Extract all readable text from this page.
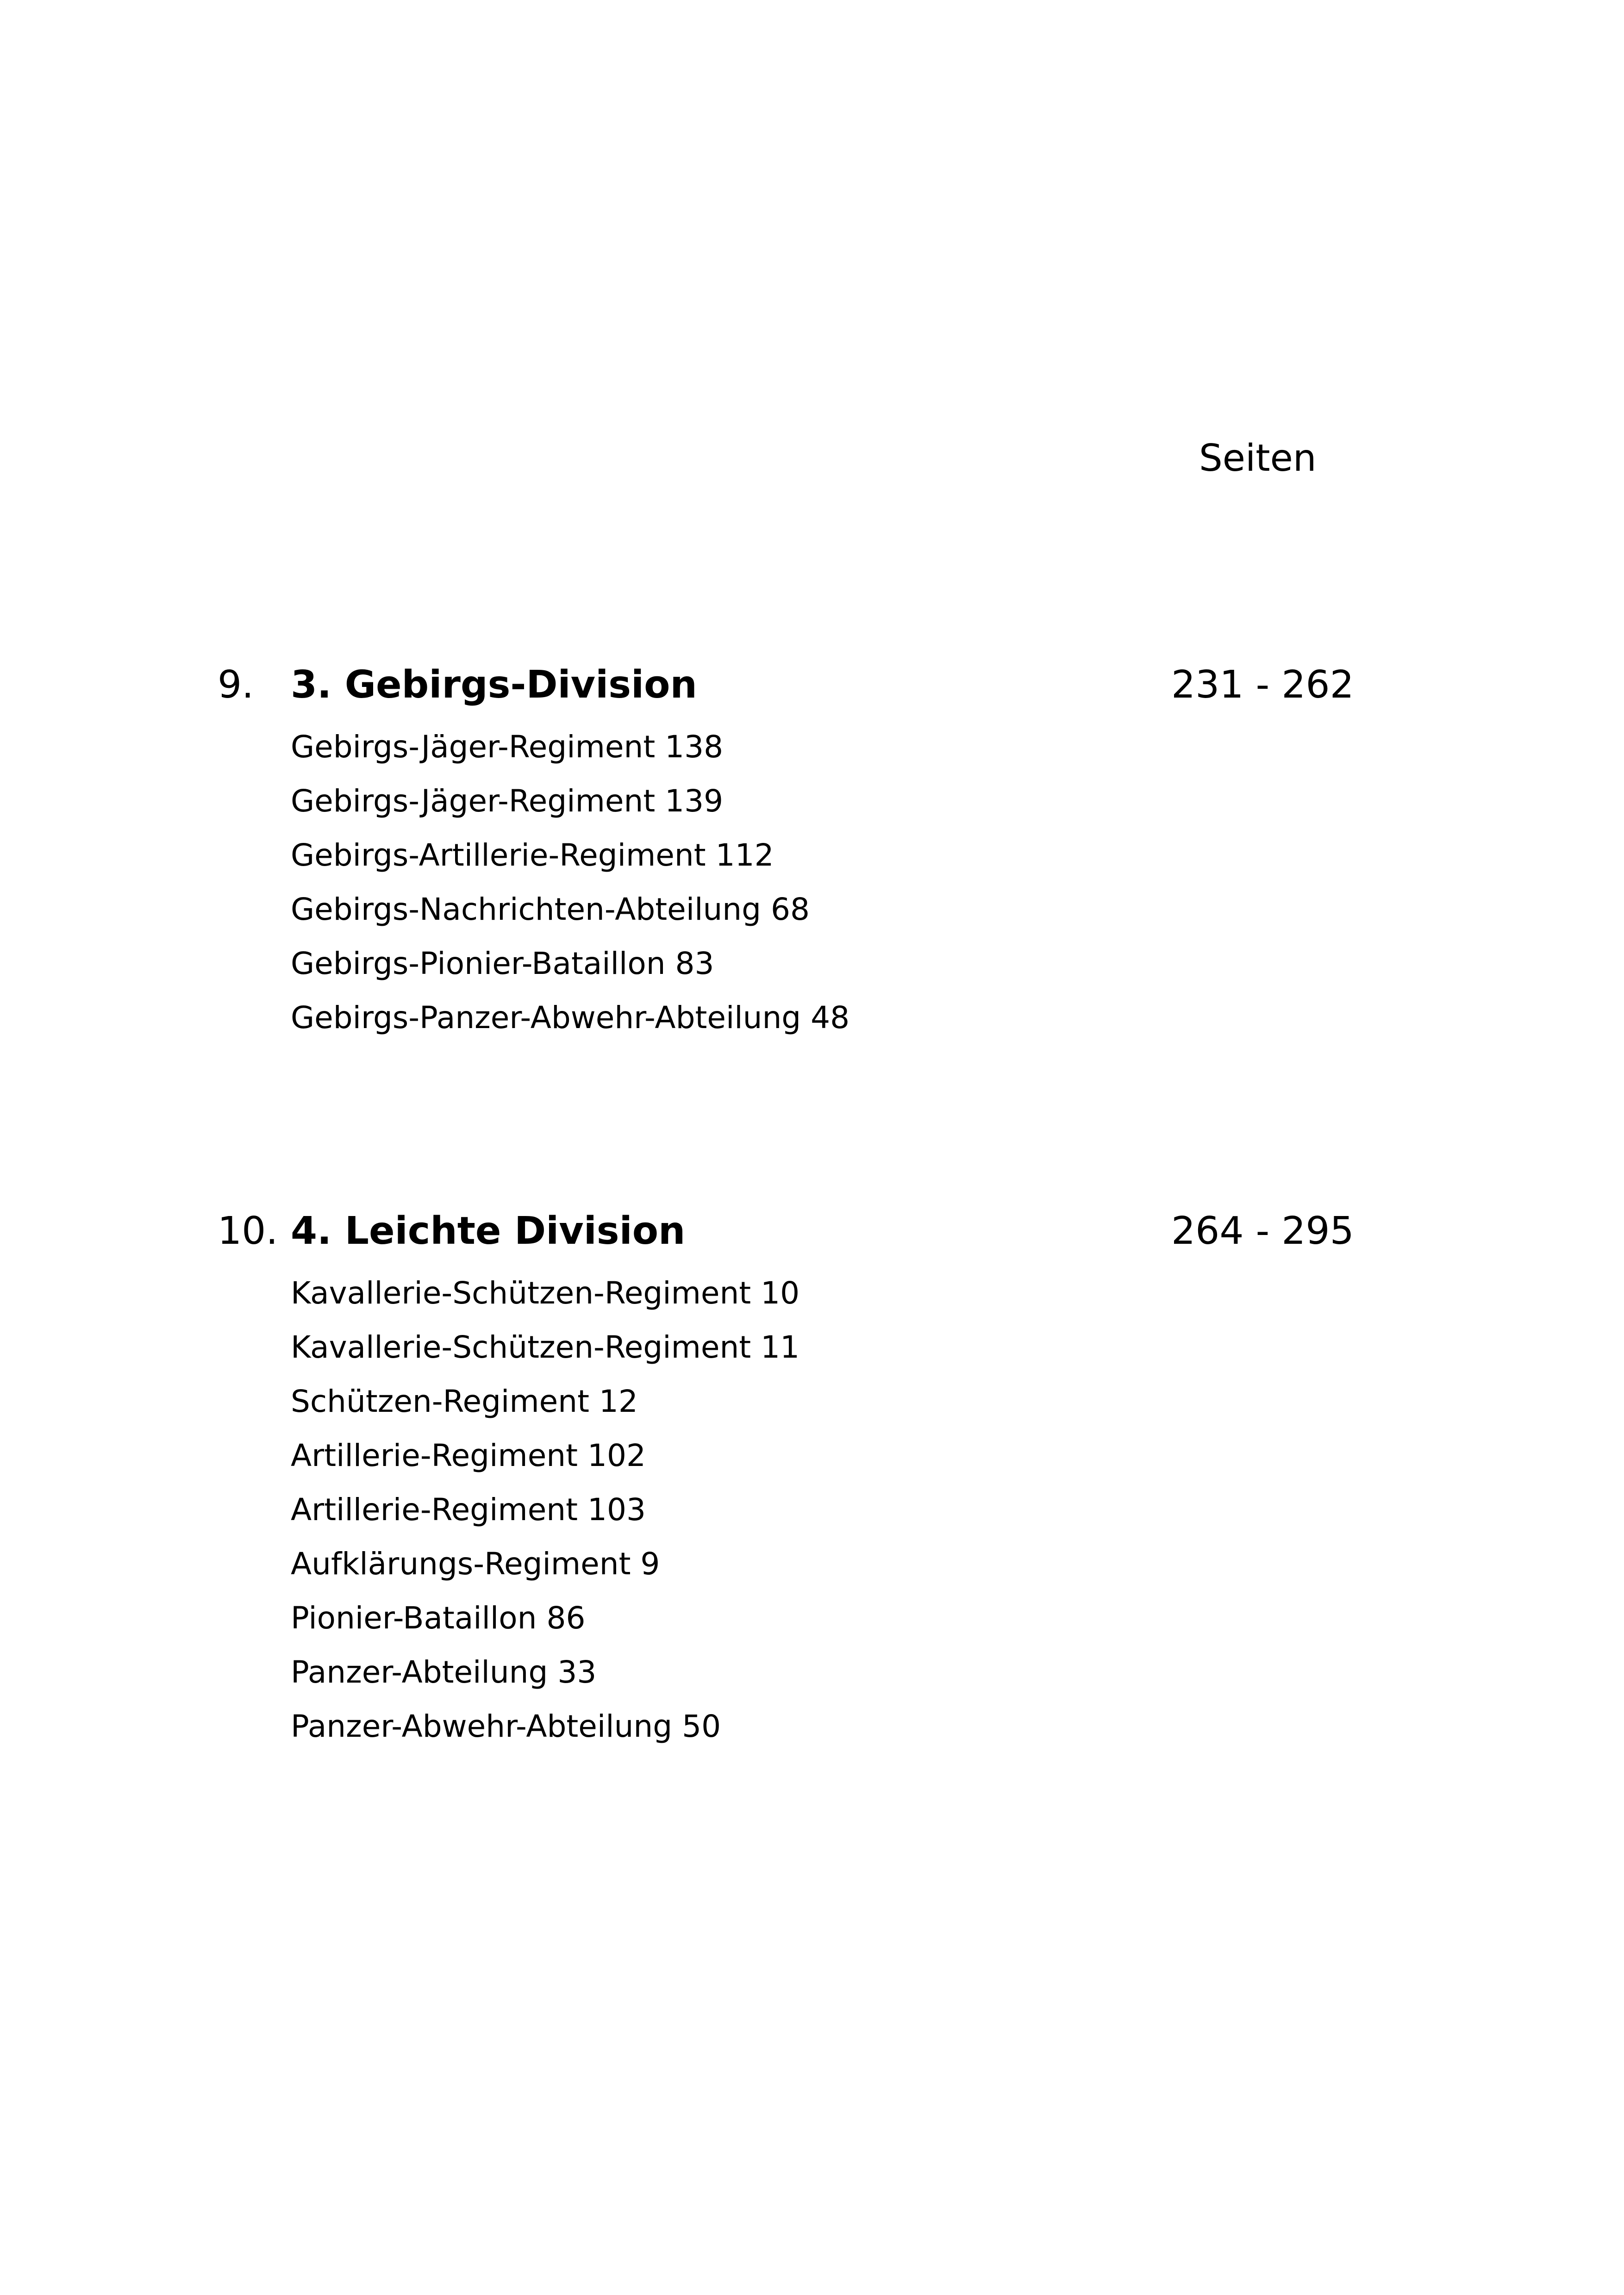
Seiten
9. 3. Gebirgs-Division	231 - 262
Gebirgs-Jäger-Regiment 138
Gebirgs-Jäger-Regiment 139
Gebirgs-Artillerie-Regiment 112
Gebirgs-Nachrichten-Abteilung 68
Gebirgs-Pionier-Bataillon 83
Gebirgs-Panzer-Abwehr-Abteilung 48
10. 4. Leichte Division	264 - 295
Kavallerie-Schützen-Regiment 10
Kavallerie-Schützen-Regiment 11
Schützen-Regiment 12
Artillerie-Regiment 102
Artillerie-Regiment 103
Aufklärungs-Regiment 9
Pionier-Bataillon 86
Panzer-Abteilung 33
Panzer-Abwehr-Abteilung 50
